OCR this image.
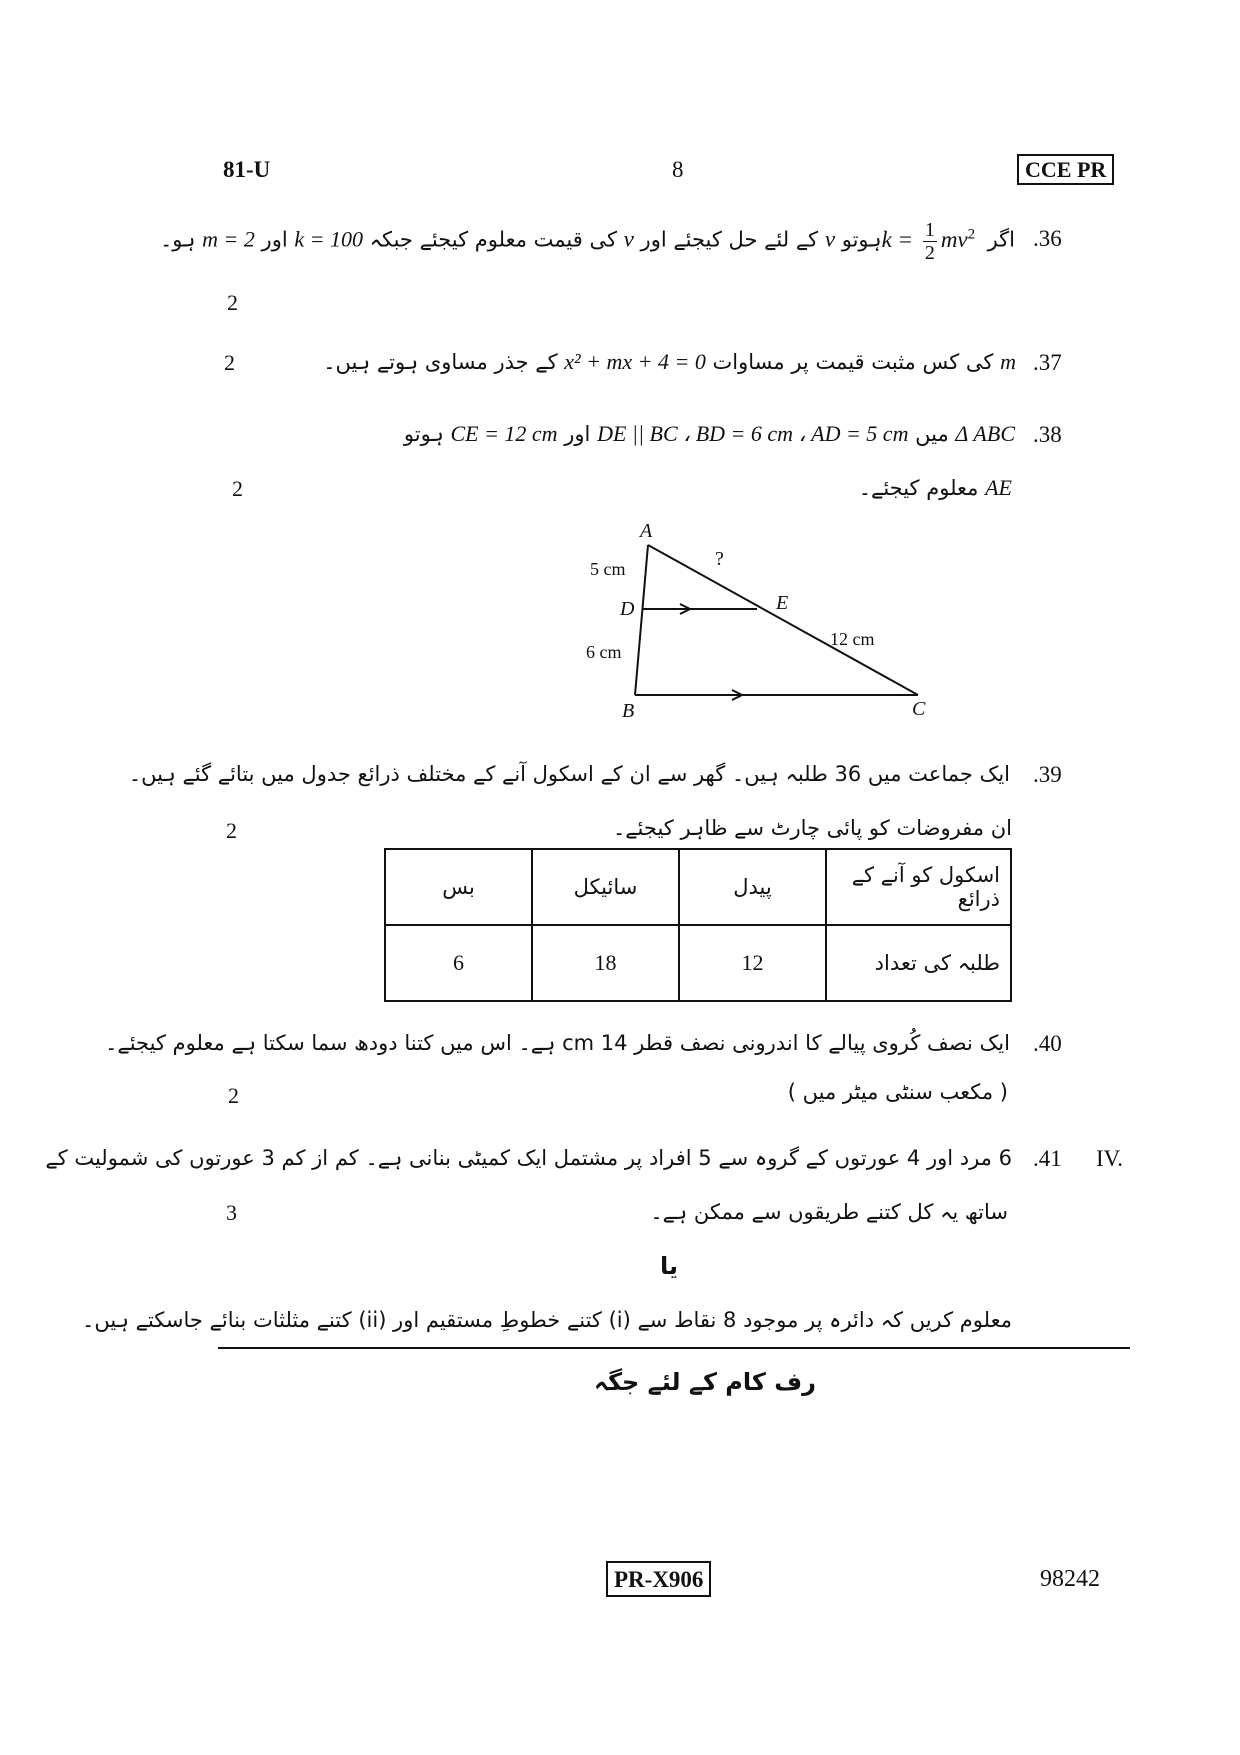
81-U	8	CCE PR
.36
اگر $k = \frac{1}{2} mv^2$ ہوتو v کے لئے حل کیجئے اور v کی قیمت معلوم کیجئے جبکہ k = 100 اور m = 2 ہو۔
2
.37
m کی کس مثبت قیمت پر مساوات x² + mx + 4 = 0 کے جذر مساوی ہوتے ہیں۔
2
.38
Δ ABC میں DE || BC ، BD = 6 cm ، AD = 5 cm اور CE = 12 cm ہوتو
AE معلوم کیجئے۔
2
A
B	C
D	E
5 cm
6 cm
12 cm
?
.39
ایک جماعت میں 36 طلبہ ہیں۔ گھر سے ان کے اسکول آنے کے مختلف ذرائع جدول میں بتائے گئے ہیں۔
ان مفروضات کو پائی چارٹ سے ظاہر کیجئے۔
2
بس	سائیکل	پیدل	اسکول کو آنے کے ذرائع
6	18	12	طلبہ کی تعداد
.40
ایک نصف کُروی پیالے کا اندرونی نصف قطر 14 cm ہے۔ اس میں کتنا دودھ سما سکتا ہے معلوم کیجئے۔
( مکعب سنٹی میٹر میں )
2
IV.
.41
6 مرد اور 4 عورتوں کے گروہ سے 5 افراد پر مشتمل ایک کمیٹی بنانی ہے۔ کم از کم 3 عورتوں کی شمولیت کے
ساتھ یہ کل کتنے طریقوں سے ممکن ہے۔
3
یا
معلوم کریں کہ دائرہ پر موجود 8 نقاط سے (i) کتنے خطوطِ مستقیم اور (ii) کتنے مثلثات بنائے جاسکتے ہیں۔
رف کام کے لئے جگہ
PR-X906	98242
